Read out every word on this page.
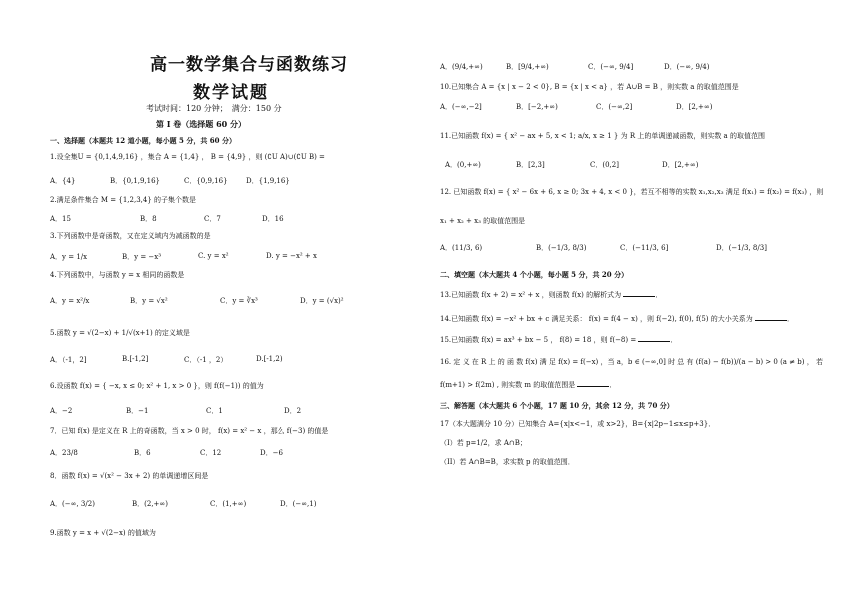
高一数学集合与函数练习
数学试题
考试时间：120 分钟；　满分：150 分
第 I 卷（选择题 60 分）
一、选择题（本题共 12 道小题，每小题 5 分，共 60 分）
1.设全集U = {0,1,4,9,16} ，集合 A = {1,4} ， B = {4,9} ，则 (∁U A)∪(∁U B) =
A．{4}	B．{0,1,9,16}	C．{0,9,16}	D．{1,9,16}
2.满足条件集合 M = {1,2,3,4} 的子集个数是
A．15	B．8	C．7	D．16
3.下列函数中是奇函数，又在定义域内为减函数的是
A．y = 1/x	B．y = −x³	C. y = x²	D. y = −x² + x
4.下列函数中，与函数 y = x 相同的函数是
A．y = x²/x	B．y = √x²	C．y = ∛x³	D．y = (√x)²
5.函数 y = √(2−x) + 1/√(x+1) 的定义域是
A．（-1，2]	B.[-1,2]	C．（-1 ，2）	D.[-1,2)
6.设函数 f(x) = { −x, x ≤ 0; x² + 1, x > 0 }，则 f(f(−1)) 的值为
A．−2	B．−1	C．1	D．2
7．已知 f(x) 是定义在 R 上的奇函数，当 x > 0 时， f(x) = x² − x ，那么 f(−3) 的值是
A．23/8	B．6	C．12	D．−6
8．函数 f(x) = √(x² − 3x + 2) 的单调递增区间是
A．(−∞, 3/2)	B．(2,+∞)	C．(1,+∞)	D．(−∞,1)
9.函数 y = x + √(2−x) 的值域为
A．(9/4,+∞)	B．[9/4,+∞)	C．(−∞, 9/4]	D．(−∞, 9/4)
10.已知集合 A = {x | x − 2 < 0}, B = {x | x < a} ，若 A∪B = B ，则实数 a 的取值范围是
A．(−∞,−2]	B．[−2,+∞)	C．(−∞,2]	D．[2,+∞)
11.已知函数 f(x) = { x² − ax + 5, x < 1; a/x, x ≥ 1 } 为 R 上的单调递减函数，则实数 a 的取值范围
A．(0,+∞)	B．[2,3]	C．(0,2]	D．[2,+∞)
12. 已知函数 f(x) = { x² − 6x + 6, x ≥ 0; 3x + 4, x < 0 }，若互不相等的实数 x₁,x₂,x₃ 满足 f(x₁) = f(x₂) = f(x₃) ，则
x₁ + x₂ + x₃ 的取值范围是
A．(11/3, 6)	B．(−1/3, 8/3)	C．(−11/3, 6]	D．(−1/3, 8/3]
二、填空题（本大题共 4 个小题，每小题 5 分，共 20 分）
13.已知函数 f(x + 2) = x² + x ，则函数 f(x) 的解析式为	．
14.已知函数 f(x) = −x² + bx + c 满足关系： f(x) = f(4 − x) ，则 f(−2), f(0), f(5) 的大小关系为	．
15.已知函数 f(x) = ax³ + bx − 5 ， f(8) = 18 ，则 f(−8) =	．
16. 定 义 在 R 上 的 函 数 f(x) 满 足 f(x) = f(−x) ，当 a，b ∈ (−∞,0] 时 总 有 (f(a) − f(b))/(a − b) > 0 (a ≠ b) ， 若
f(m+1) > f(2m) , 则实数 m 的取值范围是	．
三、解答题（本大题共 6 个小题，17 题 10 分，其余 12 分，共 70 分）
17（本大题满分 10 分）已知集合 A={x|x<−1，或 x>2}，B={x|2p−1≤x≤p+3}．
（I）若 p=1/2，求 A∩B；
（II）若 A∩B=B，求实数 p 的取值范围．
